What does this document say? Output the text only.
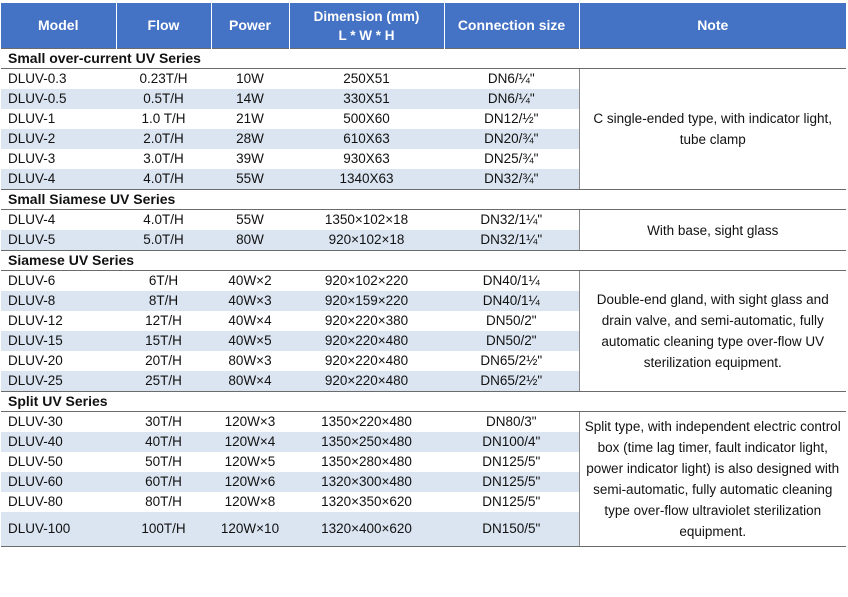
Model	Flow	Power	Dimension (mm)
L * W * H	Connection size	Note
Small over-current UV Series					
DLUV-0.3	0.23T/H	10W	250X51	DN6/¼"	C single-ended type, with indicator light, tube clamp
DLUV-0.5	0.5T/H	14W	330X51	DN6/¼"	
DLUV-1	1.0 T/H	21W	500X60	DN12/½"	
DLUV-2	2.0T/H	28W	610X63	DN20/¾"	
DLUV-3	3.0T/H	39W	930X63	DN25/¾"	
DLUV-4	4.0T/H	55W	1340X63	DN32/¾"	
Small Siamese UV Series					
DLUV-4	4.0T/H	55W	1350×102×18	DN32/1¼"	With base, sight glass
DLUV-5	5.0T/H	80W	920×102×18	DN32/1¼"	
Siamese UV Series					
DLUV-6	6T/H	40W×2	920×102×220	DN40/1¼	Double-end gland, with sight glass and drain valve, and semi-automatic, fully automatic cleaning type over-flow UV sterilization equipment.
DLUV-8	8T/H	40W×3	920×159×220	DN40/1¼	
DLUV-12	12T/H	40W×4	920×220×380	DN50/2"	
DLUV-15	15T/H	40W×5	920×220×480	DN50/2"	
DLUV-20	20T/H	80W×3	920×220×480	DN65/2½"	
DLUV-25	25T/H	80W×4	920×220×480	DN65/2½"	
Split UV Series					
DLUV-30	30T/H	120W×3	1350×220×480	DN80/3"	Split type, with independent electric control box (time lag timer, fault indicator light, power indicator light) is also designed with semi-automatic, fully automatic cleaning type over-flow ultraviolet sterilization equipment.
DLUV-40	40T/H	120W×4	1350×250×480	DN100/4"	
DLUV-50	50T/H	120W×5	1350×280×480	DN125/5"	
DLUV-60	60T/H	120W×6	1320×300×480	DN125/5"	
DLUV-80	80T/H	120W×8	1320×350×620	DN125/5"	
DLUV-100	100T/H	120W×10	1320×400×620	DN150/5"	
